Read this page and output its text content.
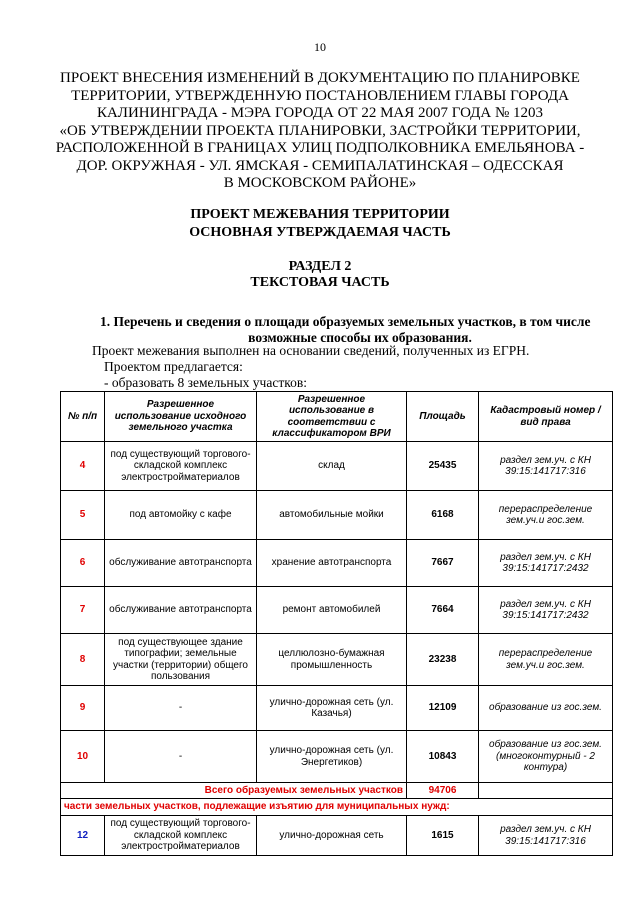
10
ПРОЕКТ ВНЕСЕНИЯ ИЗМЕНЕНИЙ В ДОКУМЕНТАЦИЮ ПО ПЛАНИРОВКЕ
ТЕРРИТОРИИ, УТВЕРЖДЕННУЮ ПОСТАНОВЛЕНИЕМ ГЛАВЫ ГОРОДА
КАЛИНИНГРАДА - МЭРА ГОРОДА ОТ 22 МАЯ 2007 ГОДА № 1203
«ОБ УТВЕРЖДЕНИИ ПРОЕКТА ПЛАНИРОВКИ, ЗАСТРОЙКИ ТЕРРИТОРИИ,
РАСПОЛОЖЕННОЙ В ГРАНИЦАХ УЛИЦ ПОДПОЛКОВНИКА ЕМЕЛЬЯНОВА -
ДОР. ОКРУЖНАЯ - УЛ. ЯМСКАЯ - СЕМИПАЛАТИНСКАЯ – ОДЕССКАЯ
В МОСКОВСКОМ РАЙОНЕ»
ПРОЕКТ МЕЖЕВАНИЯ ТЕРРИТОРИИ
ОСНОВНАЯ УТВЕРЖДАЕМАЯ ЧАСТЬ
РАЗДЕЛ 2
ТЕКСТОВАЯ ЧАСТЬ
1. Перечень и сведения о площади образуемых земельных участков, в том числе
возможные способы их образования.
Проект межевания выполнен на основании сведений, полученных из ЕГРН.
Проектом предлагается:
- образовать 8 земельных участков:
№ п/п	Разрешенное использование исходного земельного участка	Разрешенное использование в соответствии с классификатором ВРИ	Площадь	Кадастровый номер / вид права
4	под существующий торгового-складской комплекс электростройматериалов	склад	25435	раздел зем.уч. с КН 39:15:141717:316
5	под автомойку с кафе	автомобильные мойки	6168	перераспределение зем.уч.и гос.зем.
6	обслуживание автотранспорта	хранение автотранспорта	7667	раздел зем.уч. с КН 39:15:141717:2432
7	обслуживание автотранспорта	ремонт автомобилей	7664	раздел зем.уч. с КН 39:15:141717:2432
8	под существующее здание типографии; земельные участки (территории) общего пользования	целлюлозно-бумажная промышленность	23238	перераспределение зем.уч.и гос.зем.
9	-	улично-дорожная сеть (ул. Казачья)	12109	образование из гос.зем.
10	-	улично-дорожная сеть (ул. Энергетиков)	10843	образование из гос.зем. (многоконтурный - 2 контура)
Всего образуемых земельных участков			94706	
части земельных участков, подлежащие изъятию для муниципальных нужд:				
12	под существующий торгового-складской комплекс электростройматериалов	улично-дорожная сеть	1615	раздел зем.уч. с КН 39:15:141717:316
